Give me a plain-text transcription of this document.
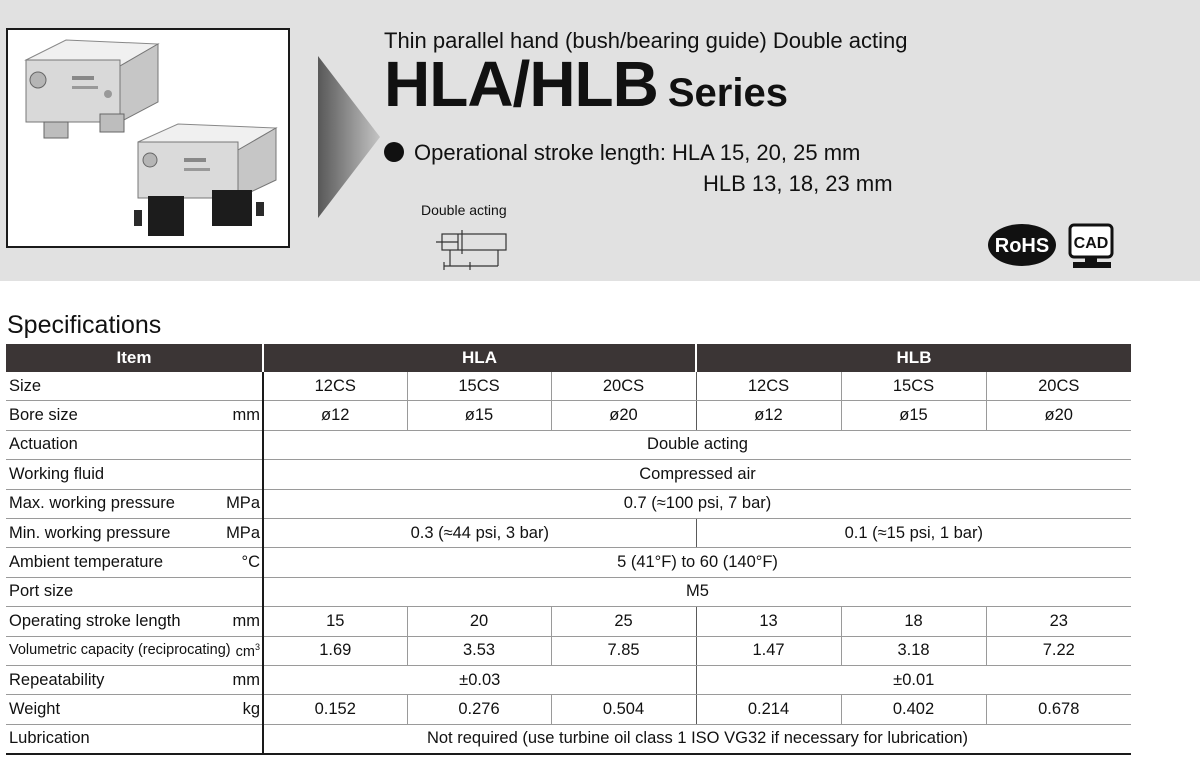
Thin parallel hand (bush/bearing guide) Double acting
HLA/HLB Series
Operational stroke length: HLA 15, 20, 25 mm
HLB 13, 18, 23 mm
Double acting
RoHS CAD
Specifications
Item	HLA			HLB		
Size	12CS	15CS	20CS	12CS	15CS	20CS
Bore size mm	ø12	ø15	ø20	ø12	ø15	ø20
Actuation	Double acting					
Working fluid	Compressed air					
Max. working pressure MPa	0.7 (≈100 psi, 7 bar)					
Min. working pressure MPa	0.3 (≈44 psi, 3 bar)			0.1 (≈15 psi, 1 bar)		
Ambient temperature °C	5 (41°F) to 60 (140°F)					
Port size	M5					
Operating stroke length mm	15	20	25	13	18	23
Volumetric capacity (reciprocating) $cm^3$	1.69	3.53	7.85	1.47	3.18	7.22
Repeatability mm	±0.03			±0.01		
Weight kg	0.152	0.276	0.504	0.214	0.402	0.678
Lubrication	Not required (use turbine oil class 1 ISO VG32 if necessary for lubrication)					
